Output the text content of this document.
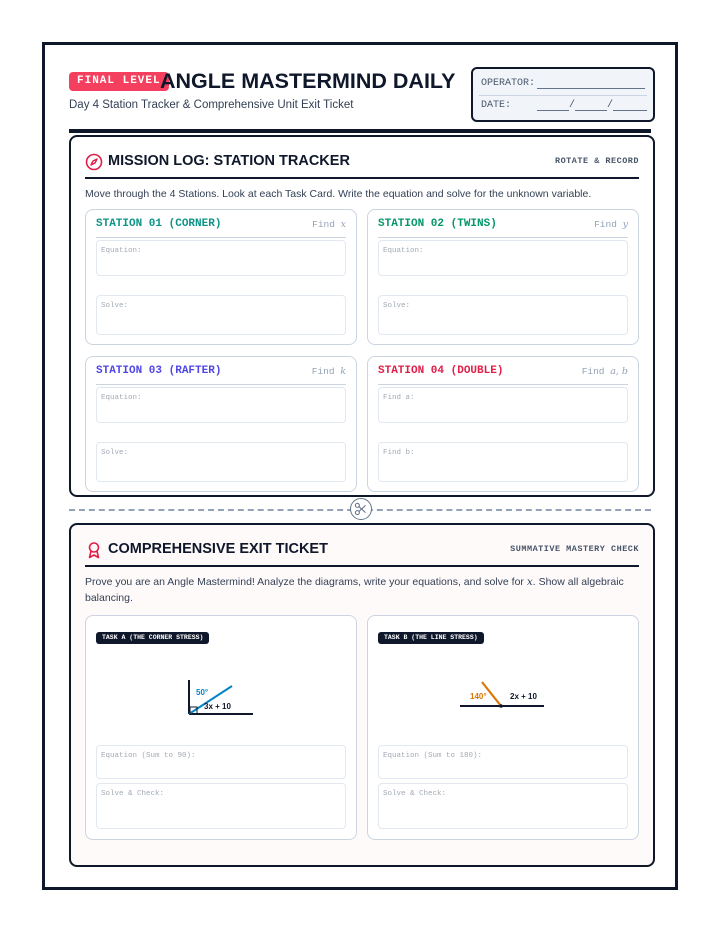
FINAL LEVEL ANGLE MASTERMIND DAILY
Day 4 Station Tracker & Comprehensive Unit Exit Ticket
OPERATOR:
DATE:	/	/
MISSION LOG: STATION TRACKER	ROTATE & RECORD
Move through the 4 Stations. Look at each Task Card. Write the equation and solve for the unknown variable.
STATION 01 (CORNER)	Find x
Equation:
Solve:
STATION 02 (TWINS)	Find y
Equation:
Solve:
STATION 03 (RAFTER)	Find k
Equation:
Solve:
STATION 04 (DOUBLE)	Find a, b
Find a:
Find b:
COMPREHENSIVE EXIT TICKET	SUMMATIVE MASTERY CHECK
Prove you are an Angle Mastermind! Analyze the diagrams, write your equations, and solve for x. Show all algebraic balancing.
TASK A (THE CORNER STRESS)
50°
3x + 10
Equation (Sum to 90):
Solve & Check:
TASK B (THE LINE STRESS)
140°	2x + 10
Equation (Sum to 180):
Solve & Check:
